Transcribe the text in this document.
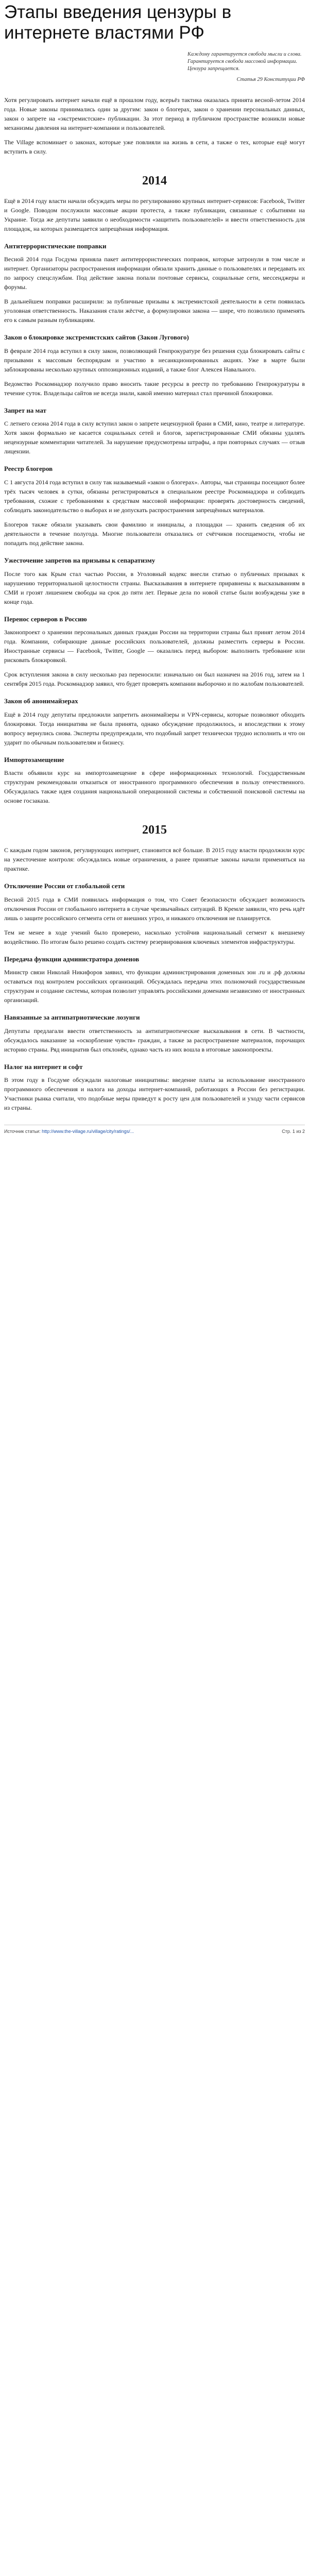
Этапы введения цензуры в интернете властями РФ
Каждому гарантируется свобода мысли и слова. Гарантируется свобода массовой информации. Цензура запрещается.
Статья 29 Конституции РФ

Хотя регулировать интернет начали ещё в прошлом году, всерьёз тактика оказалась принята весной-летом 2014 года. Новые законы принимались один за другим: закон о блогерах, закон о хранении персональных данных, закон о запрете на «экстремистские» публикации. За этот период в публичном пространстве возникли новые механизмы давления на интернет-компании и пользователей.

The Village вспоминает о законах, которые уже повлияли на жизнь в сети, а также о тех, которые ещё могут вступить в силу.

2014

Ещё в 2014 году власти начали обсуждать меры по регулированию крупных интернет-сервисов: Facebook, Twitter и Google. Поводом послужили массовые акции протеста, а также публикации, связанные с событиями на Украине. Тогда же депутаты заявили о необходимости «защитить пользователей» и ввести ответственность для площадок, на которых размещается запрещённая информация.

Антитеррористические поправки

Весной 2014 года Госдума приняла пакет антитеррористических поправок, которые затронули в том числе и интернет. Организаторы распространения информации обязали хранить данные о пользователях и передавать их по запросу спецслужбам. Под действие закона попали почтовые сервисы, социальные сети, мессенджеры и форумы.

В дальнейшем поправки расширили: за публичные призывы к экстремистской деятельности в сети появилась уголовная ответственность. Наказания стали жёстче, а формулировки закона — шире, что позволило применять его к самым разным публикациям.

Закон о блокировке экстремистских сайтов (Закон Лугового)

В феврале 2014 года вступил в силу закон, позволяющий Генпрокуратуре без решения суда блокировать сайты с призывами к массовым беспорядкам и участию в несанкционированных акциях. Уже в марте были заблокированы несколько крупных оппозиционных изданий, а также блог Алексея Навального.

Ведомство Роскомнадзор получило право вносить такие ресурсы в реестр по требованию Генпрокуратуры в течение суток. Владельцы сайтов не всегда знали, какой именно материал стал причиной блокировки.

Запрет на мат

С летнего сезона 2014 года в силу вступил закон о запрете нецензурной брани в СМИ, кино, театре и литературе. Хотя закон формально не касается социальных сетей и блогов, зарегистрированные СМИ обязаны удалять нецензурные комментарии читателей. За нарушение предусмотрены штрафы, а при повторных случаях — отзыв лицензии.

Реестр блогеров

С 1 августа 2014 года вступил в силу так называемый «закон о блогерах». Авторы, чьи страницы посещают более трёх тысяч человек в сутки, обязаны регистрироваться в специальном реестре Роскомнадзора и соблюдать требования, схожие с требованиями к средствам массовой информации: проверять достоверность сведений, соблюдать законодательство о выборах и не допускать распространения запрещённых материалов.

Блогеров также обязали указывать свои фамилию и инициалы, а площадки — хранить сведения об их деятельности в течение полугода. Многие пользователи отказались от счётчиков посещаемости, чтобы не попадать под действие закона.

Ужесточение запретов на призывы к сепаратизму

После того как Крым стал частью России, в Уголовный кодекс внесли статью о публичных призывах к нарушению территориальной целостности страны. Высказывания в интернете приравнены к высказываниям в СМИ и грозят лишением свободы на срок до пяти лет. Первые дела по новой статье были возбуждены уже в конце года.

Перенос серверов в Россию

Законопроект о хранении персональных данных граждан России на территории страны был принят летом 2014 года. Компании, собирающие данные российских пользователей, должны разместить серверы в России. Иностранные сервисы — Facebook, Twitter, Google — оказались перед выбором: выполнить требование или рисковать блокировкой.

Срок вступления закона в силу несколько раз переносили: изначально он был назначен на 2016 год, затем на 1 сентября 2015 года. Роскомнадзор заявил, что будет проверять компании выборочно и по жалобам пользователей.

Закон об анонимайзерах

Ещё в 2014 году депутаты предложили запретить анонимайзеры и VPN-сервисы, которые позволяют обходить блокировки. Тогда инициатива не была принята, однако обсуждение продолжилось, и впоследствии к этому вопросу вернулись снова. Эксперты предупреждали, что подобный запрет технически трудно исполнить и что он ударит по обычным пользователям и бизнесу.

Импортозамещение

Власти объявили курс на импортозамещение в сфере информационных технологий. Государственным структурам рекомендовали отказаться от иностранного программного обеспечения в пользу отечественного. Обсуждалась также идея создания национальной операционной системы и собственной поисковой системы на основе госзаказа.

2015

С каждым годом законов, регулирующих интернет, становится всё больше. В 2015 году власти продолжили курс на ужесточение контроля: обсуждались новые ограничения, а ранее принятые законы начали применяться на практике.

Отключение России от глобальной сети

Весной 2015 года в СМИ появилась информация о том, что Совет безопасности обсуждает возможность отключения России от глобального интернета в случае чрезвычайных ситуаций. В Кремле заявили, что речь идёт лишь о защите российского сегмента сети от внешних угроз, и никакого отключения не планируется.

Тем не менее в ходе учений было проверено, насколько устойчив национальный сегмент к внешнему воздействию. По итогам было решено создать систему резервирования ключевых элементов инфраструктуры.

Передача функции администратора доменов

Министр связи Николай Никифоров заявил, что функции администрирования доменных зон .ru и .рф должны оставаться под контролем российских организаций. Обсуждалась передача этих полномочий государственным структурам и создание системы, которая позволит управлять российскими доменами независимо от иностранных организаций.

Навязанные за антипатриотические лозунги

Депутаты предлагали ввести ответственность за антипатриотические высказывания в сети. В частности, обсуждалось наказание за «оскорбление чувств» граждан, а также за распространение материалов, порочащих историю страны. Ряд инициатив был отклонён, однако часть из них вошла в итоговые законопроекты.

Налог на интернет и софт

В этом году в Госдуме обсуждали налоговые инициативы: введение платы за использование иностранного программного обеспечения и налога на доходы интернет-компаний, работающих в России без регистрации. Участники рынка считали, что подобные меры приведут к росту цен для пользователей и уходу части сервисов из страны.

Источник статьи: http://www.the-village.ru/village/city/ratings/...	Стр. 1 из 2
